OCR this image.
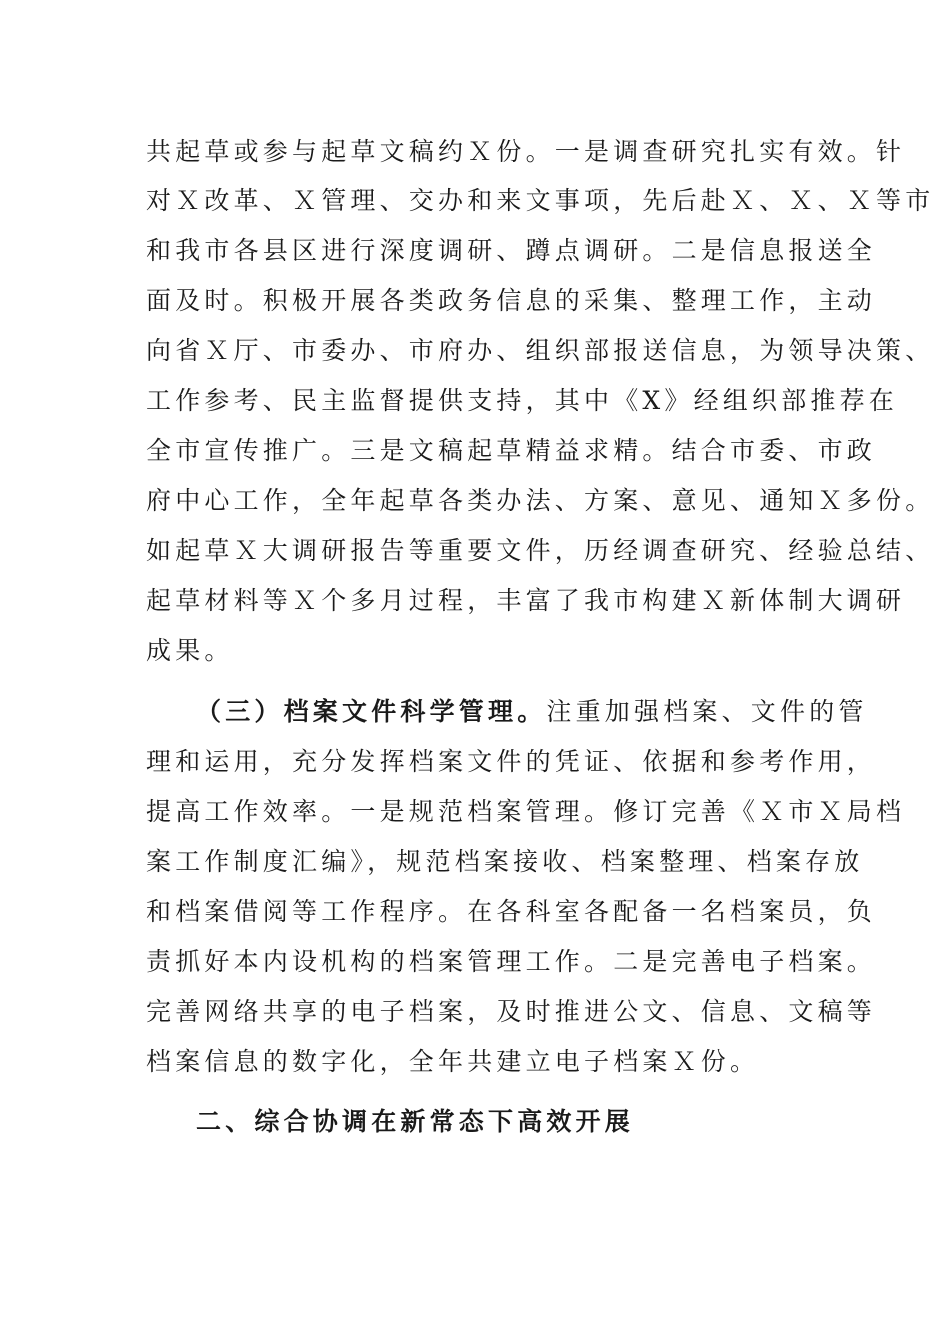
共起草或参与起草文稿约Ｘ份。一是调查研究扎实有效。针
对Ｘ改革、Ｘ管理、交办和来文事项，先后赴Ｘ、Ｘ、Ｘ等市
和我市各县区进行深度调研、蹲点调研。二是信息报送全
面及时。积极开展各类政务信息的采集、整理工作，主动
向省Ｘ厅、市委办、市府办、组织部报送信息，为领导决策、
工作参考、民主监督提供支持，其中《X》经组织部推荐在
全市宣传推广。三是文稿起草精益求精。结合市委、市政
府中心工作，全年起草各类办法、方案、意见、通知Ｘ多份。
如起草Ｘ大调研报告等重要文件，历经调查研究、经验总结、
起草材料等Ｘ个多月过程，丰富了我市构建Ｘ新体制大调研
成果。
（三）档案文件科学管理。注重加强档案、文件的管
理和运用，充分发挥档案文件的凭证、依据和参考作用，
提高工作效率。一是规范档案管理。修订完善《Ｘ市Ｘ局档
案工作制度汇编》，规范档案接收、档案整理、档案存放
和档案借阅等工作程序。在各科室各配备一名档案员，负
责抓好本内设机构的档案管理工作。二是完善电子档案。
完善网络共享的电子档案，及时推进公文、信息、文稿等
档案信息的数字化，全年共建立电子档案Ｘ份。
二、综合协调在新常态下高效开展
